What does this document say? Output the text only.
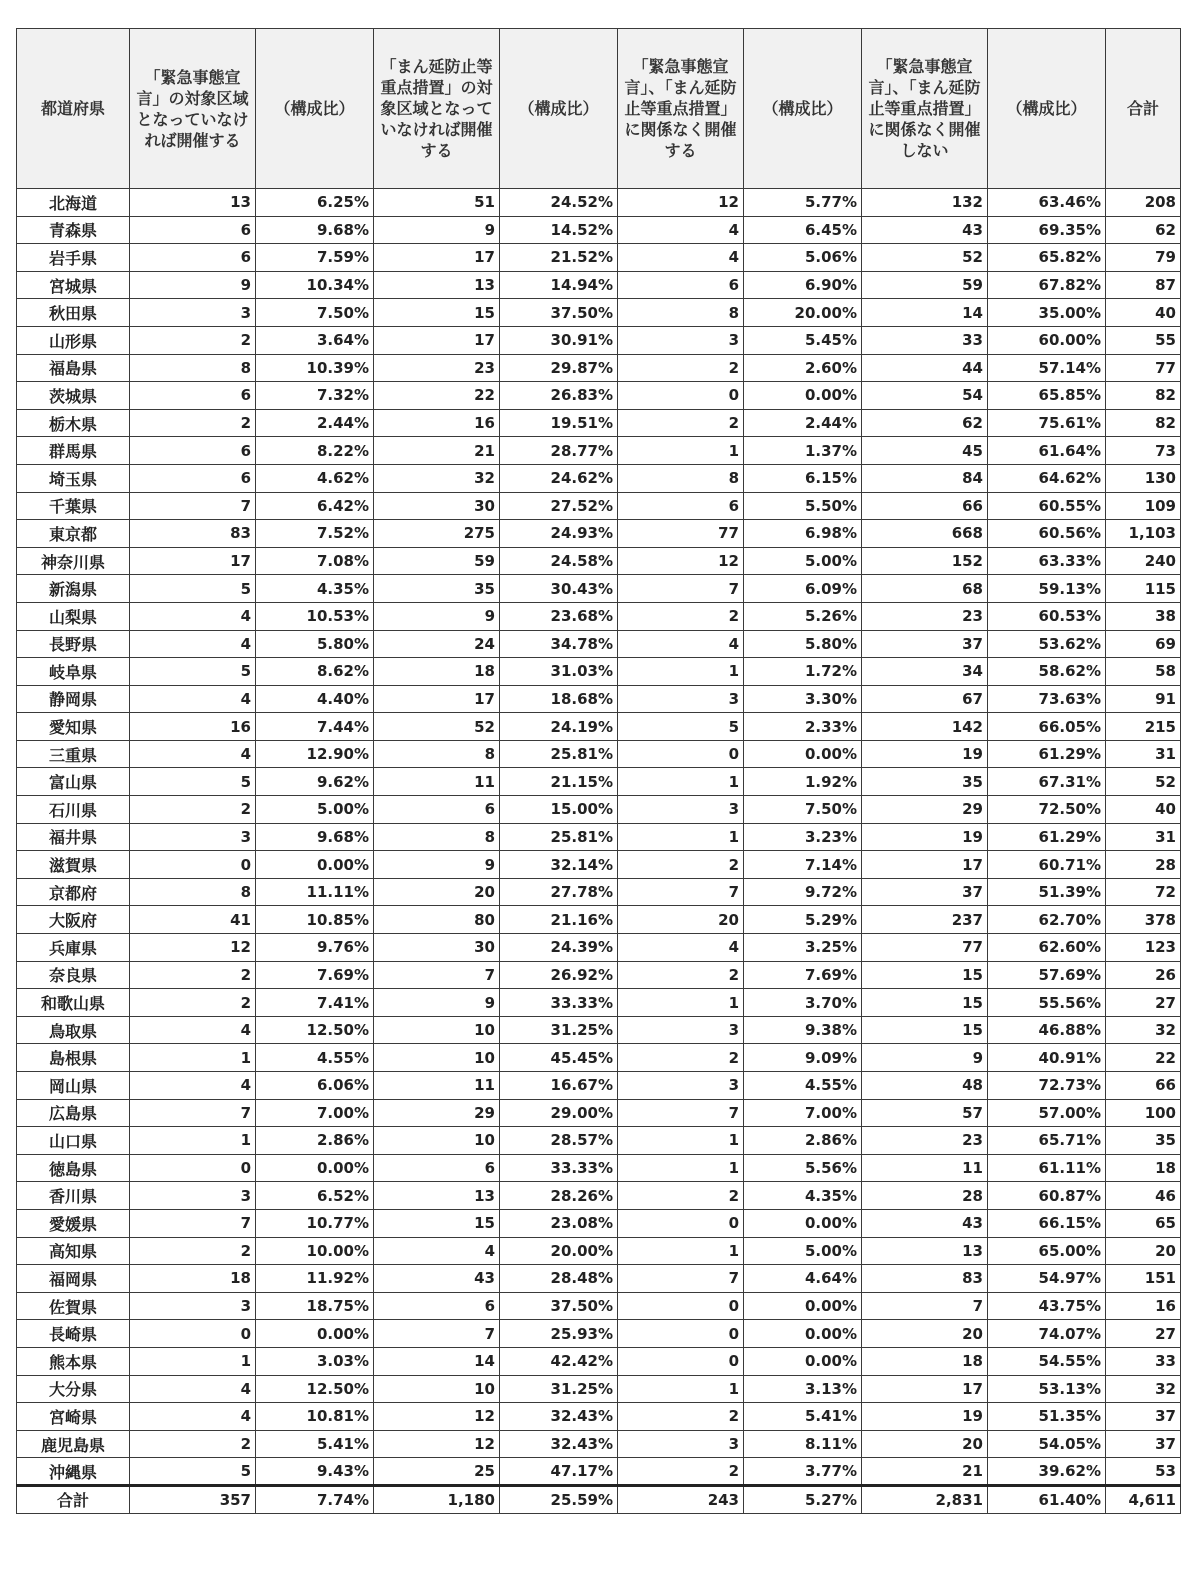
都道府県	「緊急事態宣言」の対象区域となっていなければ開催する	（構成比）	「まん延防止等重点措置」の対象区域となっていなければ開催する	（構成比）	「緊急事態宣言」、「まん延防止等重点措置」に関係なく開催する	（構成比）	「緊急事態宣言」、「まん延防止等重点措置」に関係なく開催しない	（構成比）	合計
北海道	13	6.25%	51	24.52%	12	5.77%	132	63.46%	208
青森県	6	9.68%	9	14.52%	4	6.45%	43	69.35%	62
岩手県	6	7.59%	17	21.52%	4	5.06%	52	65.82%	79
宮城県	9	10.34%	13	14.94%	6	6.90%	59	67.82%	87
秋田県	3	7.50%	15	37.50%	8	20.00%	14	35.00%	40
山形県	2	3.64%	17	30.91%	3	5.45%	33	60.00%	55
福島県	8	10.39%	23	29.87%	2	2.60%	44	57.14%	77
茨城県	6	7.32%	22	26.83%	0	0.00%	54	65.85%	82
栃木県	2	2.44%	16	19.51%	2	2.44%	62	75.61%	82
群馬県	6	8.22%	21	28.77%	1	1.37%	45	61.64%	73
埼玉県	6	4.62%	32	24.62%	8	6.15%	84	64.62%	130
千葉県	7	6.42%	30	27.52%	6	5.50%	66	60.55%	109
東京都	83	7.52%	275	24.93%	77	6.98%	668	60.56%	1,103
神奈川県	17	7.08%	59	24.58%	12	5.00%	152	63.33%	240
新潟県	5	4.35%	35	30.43%	7	6.09%	68	59.13%	115
山梨県	4	10.53%	9	23.68%	2	5.26%	23	60.53%	38
長野県	4	5.80%	24	34.78%	4	5.80%	37	53.62%	69
岐阜県	5	8.62%	18	31.03%	1	1.72%	34	58.62%	58
静岡県	4	4.40%	17	18.68%	3	3.30%	67	73.63%	91
愛知県	16	7.44%	52	24.19%	5	2.33%	142	66.05%	215
三重県	4	12.90%	8	25.81%	0	0.00%	19	61.29%	31
富山県	5	9.62%	11	21.15%	1	1.92%	35	67.31%	52
石川県	2	5.00%	6	15.00%	3	7.50%	29	72.50%	40
福井県	3	9.68%	8	25.81%	1	3.23%	19	61.29%	31
滋賀県	0	0.00%	9	32.14%	2	7.14%	17	60.71%	28
京都府	8	11.11%	20	27.78%	7	9.72%	37	51.39%	72
大阪府	41	10.85%	80	21.16%	20	5.29%	237	62.70%	378
兵庫県	12	9.76%	30	24.39%	4	3.25%	77	62.60%	123
奈良県	2	7.69%	7	26.92%	2	7.69%	15	57.69%	26
和歌山県	2	7.41%	9	33.33%	1	3.70%	15	55.56%	27
鳥取県	4	12.50%	10	31.25%	3	9.38%	15	46.88%	32
島根県	1	4.55%	10	45.45%	2	9.09%	9	40.91%	22
岡山県	4	6.06%	11	16.67%	3	4.55%	48	72.73%	66
広島県	7	7.00%	29	29.00%	7	7.00%	57	57.00%	100
山口県	1	2.86%	10	28.57%	1	2.86%	23	65.71%	35
徳島県	0	0.00%	6	33.33%	1	5.56%	11	61.11%	18
香川県	3	6.52%	13	28.26%	2	4.35%	28	60.87%	46
愛媛県	7	10.77%	15	23.08%	0	0.00%	43	66.15%	65
高知県	2	10.00%	4	20.00%	1	5.00%	13	65.00%	20
福岡県	18	11.92%	43	28.48%	7	4.64%	83	54.97%	151
佐賀県	3	18.75%	6	37.50%	0	0.00%	7	43.75%	16
長崎県	0	0.00%	7	25.93%	0	0.00%	20	74.07%	27
熊本県	1	3.03%	14	42.42%	0	0.00%	18	54.55%	33
大分県	4	12.50%	10	31.25%	1	3.13%	17	53.13%	32
宮崎県	4	10.81%	12	32.43%	2	5.41%	19	51.35%	37
鹿児島県	2	5.41%	12	32.43%	3	8.11%	20	54.05%	37
沖縄県	5	9.43%	25	47.17%	2	3.77%	21	39.62%	53
合計	357	7.74%	1,180	25.59%	243	5.27%	2,831	61.40%	4,611
